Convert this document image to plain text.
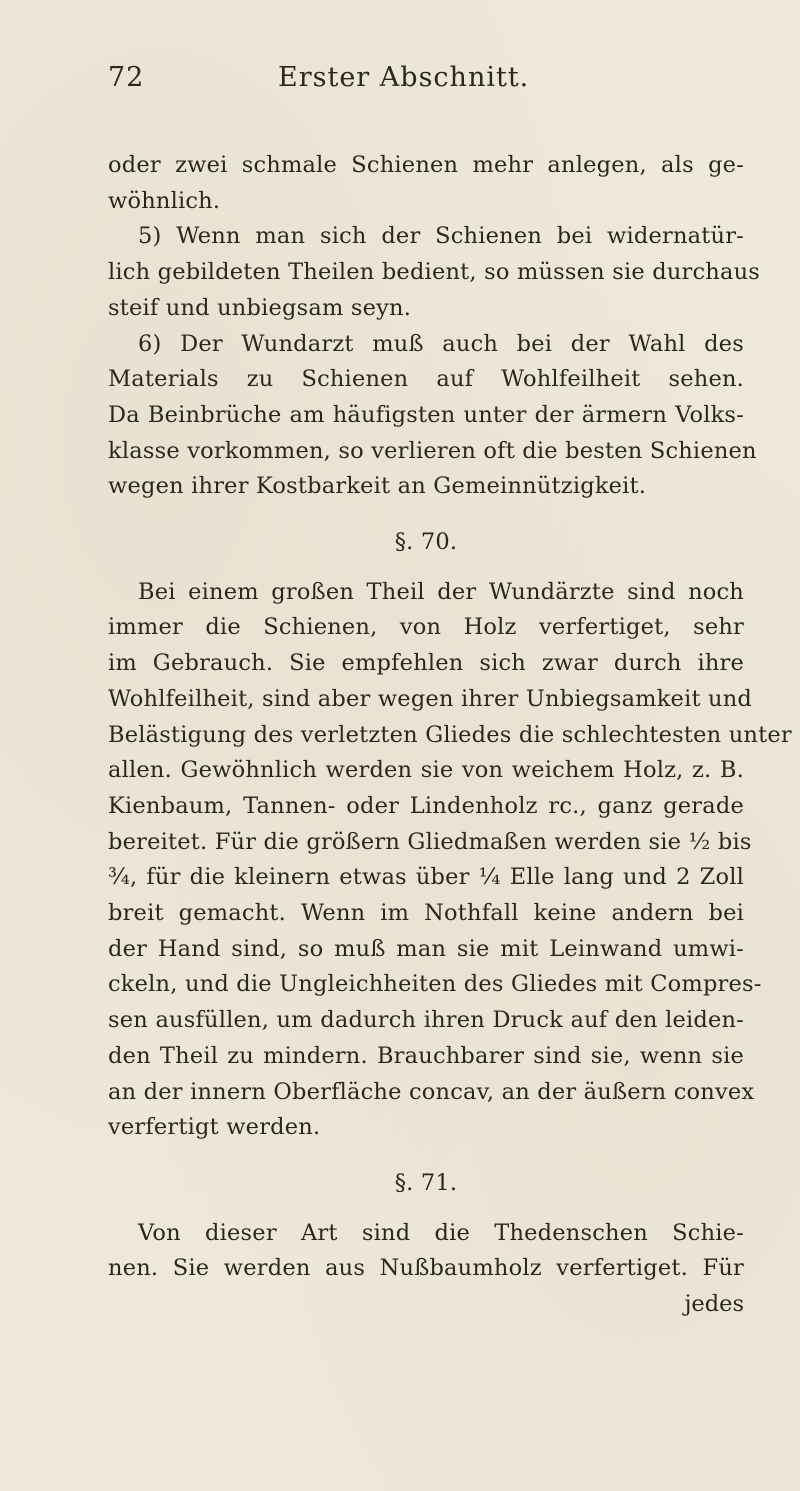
72	Erster Abschnitt.
oder zwei schmale Schienen mehr anlegen, als ge-
wöhnlich.
5) Wenn man sich der Schienen bei widernatür-
lich gebildeten Theilen bedient, so müssen sie durchaus
steif und unbiegsam seyn.
6) Der Wundarzt muß auch bei der Wahl des
Materials zu Schienen auf Wohlfeilheit sehen.
Da Beinbrüche am häufigsten unter der ärmern Volks-
klasse vorkommen, so verlieren oft die besten Schienen
wegen ihrer Kostbarkeit an Gemeinnützigkeit.
§. 70.
Bei einem großen Theil der Wundärzte sind noch
immer die Schienen, von Holz verfertiget, sehr
im Gebrauch. Sie empfehlen sich zwar durch ihre
Wohlfeilheit, sind aber wegen ihrer Unbiegsamkeit und
Belästigung des verletzten Gliedes die schlechtesten unter
allen. Gewöhnlich werden sie von weichem Holz, z. B.
Kienbaum, Tannen- oder Lindenholz rc., ganz gerade
bereitet. Für die größern Gliedmaßen werden sie ½ bis
¾, für die kleinern etwas über ¼ Elle lang und 2 Zoll
breit gemacht. Wenn im Nothfall keine andern bei
der Hand sind, so muß man sie mit Leinwand umwi-
ckeln, und die Ungleichheiten des Gliedes mit Compres-
sen ausfüllen, um dadurch ihren Druck auf den leiden-
den Theil zu mindern. Brauchbarer sind sie, wenn sie
an der innern Oberfläche concav, an der äußern convex
verfertigt werden.
§. 71.
Von dieser Art sind die Thedenschen Schie-
nen. Sie werden aus Nußbaumholz verfertiget. Für
jedes
